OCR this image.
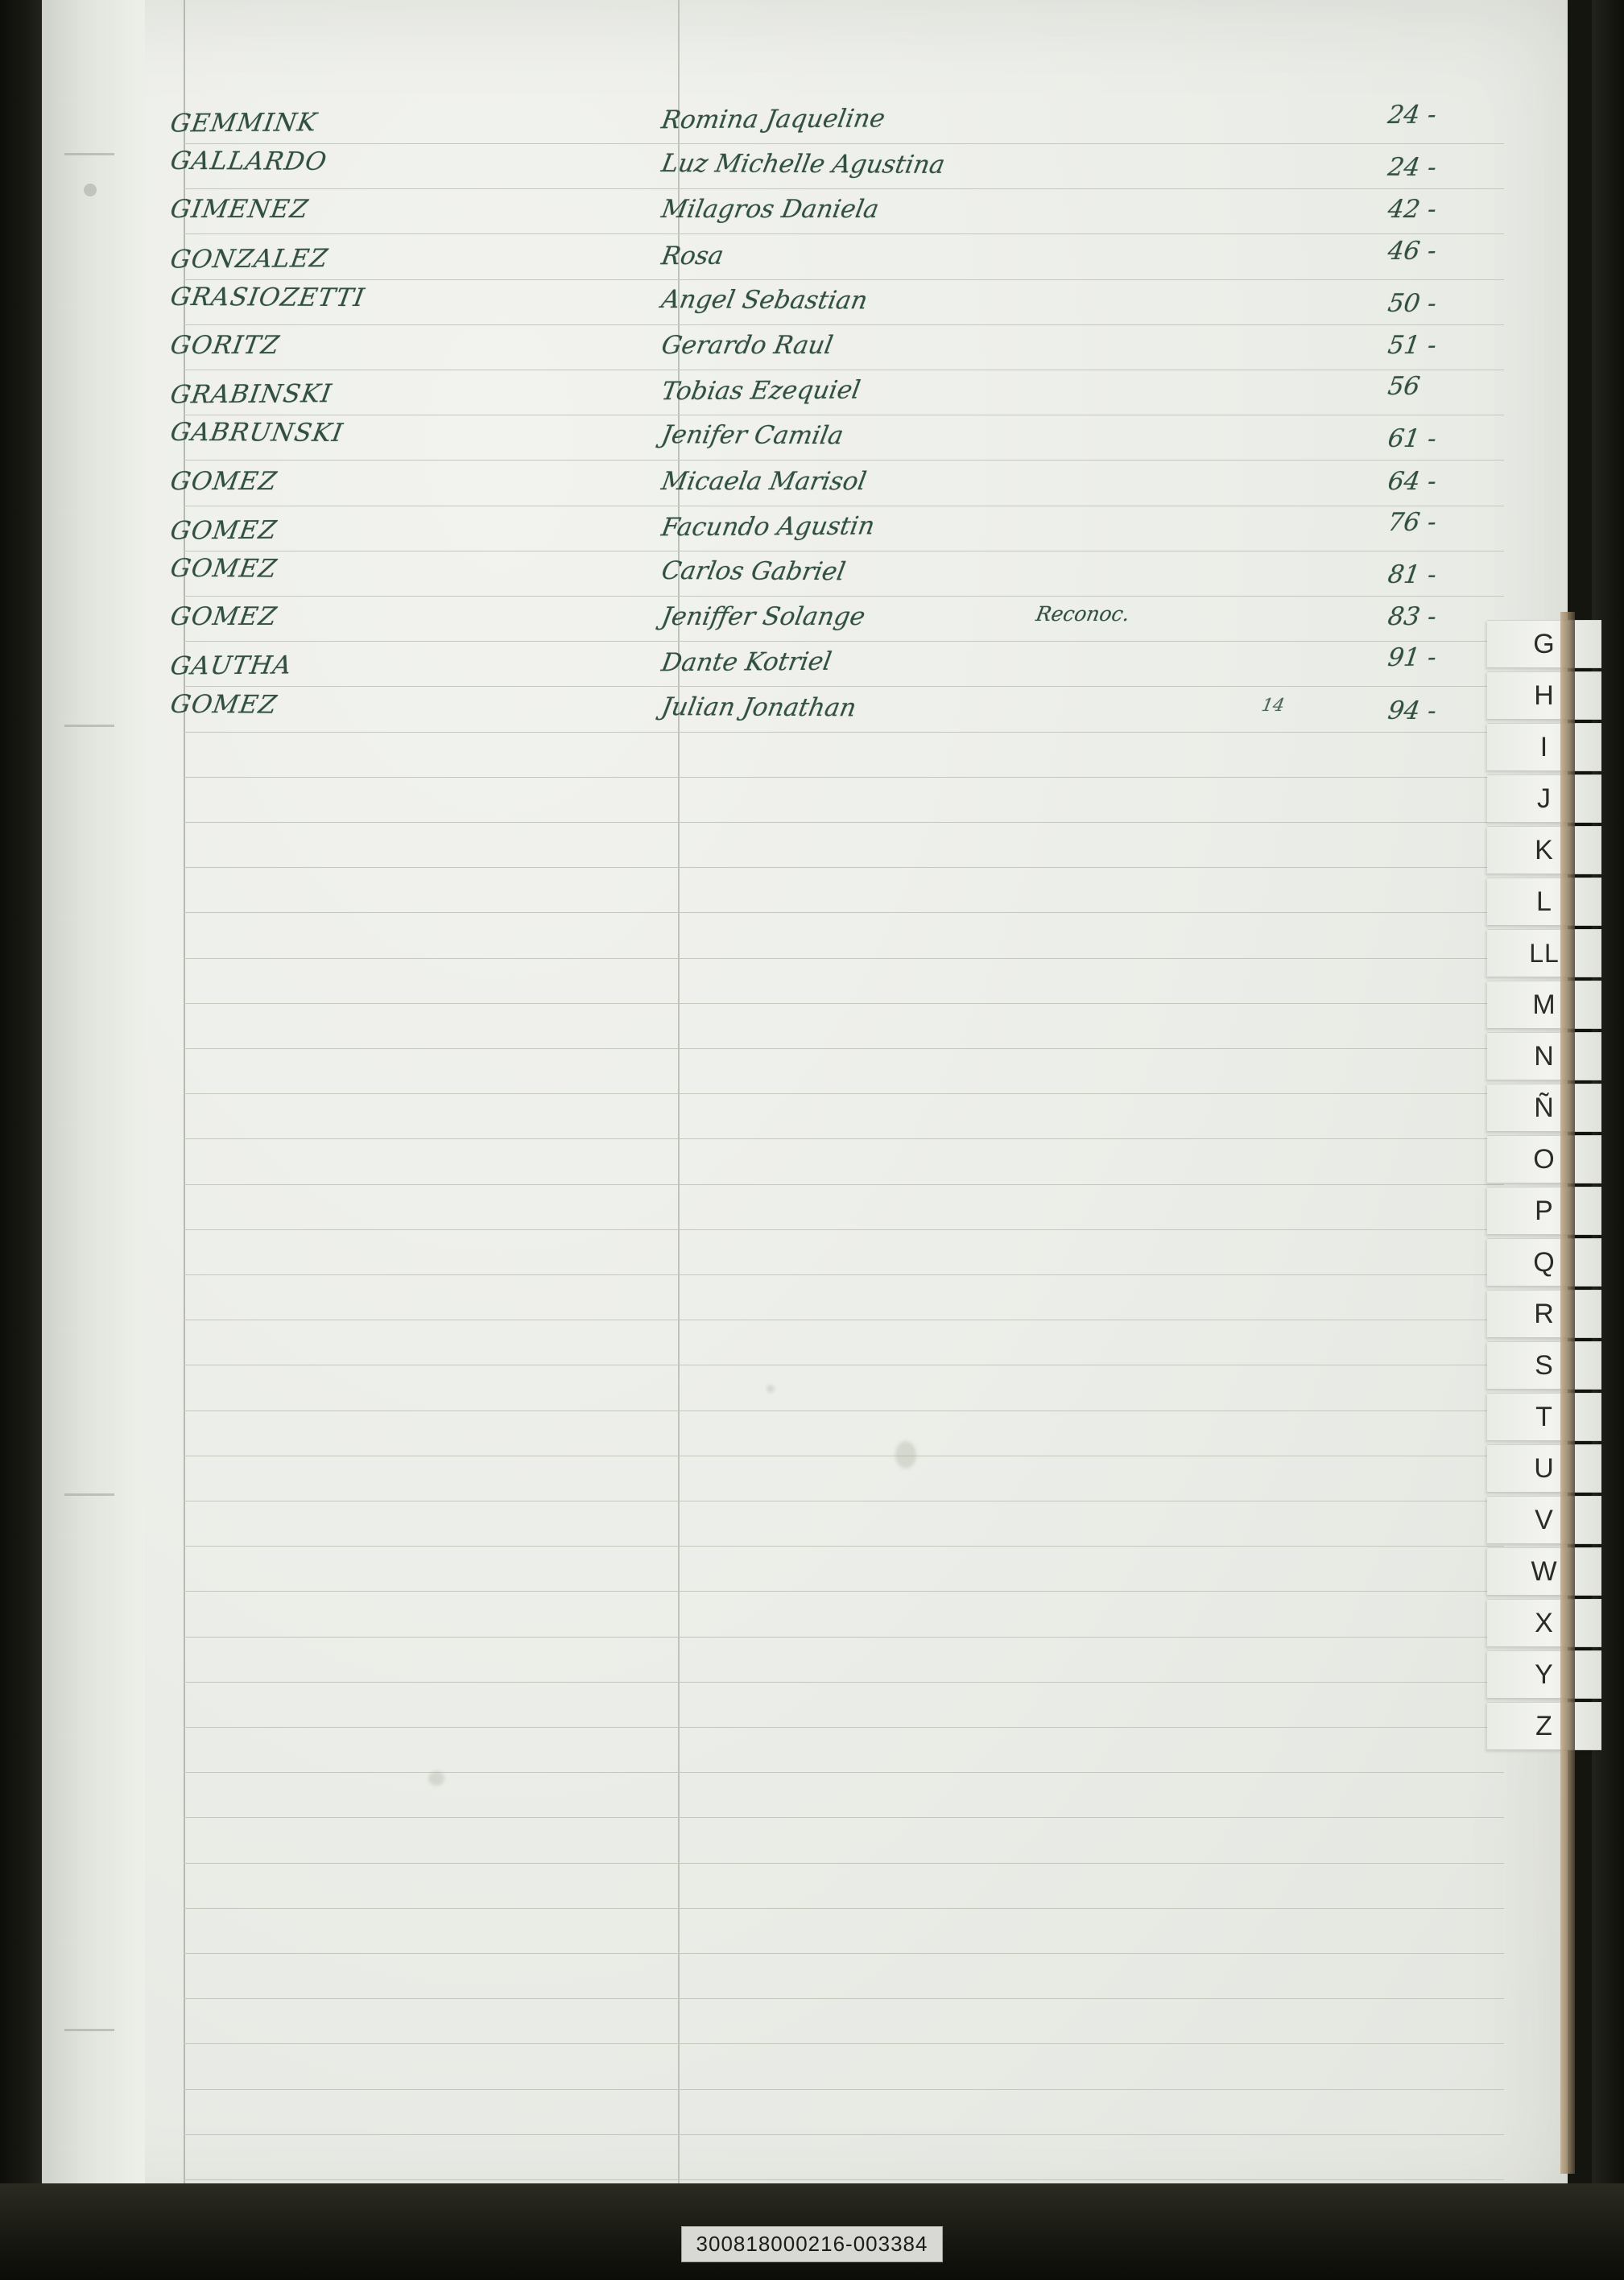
GEMMINK	Romina Jaqueline	24 -
GALLARDO	Luz Michelle Agustina	24 -
GIMENEZ	Milagros Daniela	42 -
GONZALEZ	Rosa	46 -
GRASIOZETTI	Angel Sebastian	50 -
GORITZ	Gerardo Raul	51 -
GRABINSKI	Tobias Ezequiel	56
GABRUNSKI	Jenifer Camila	61 -
GOMEZ	Micaela Marisol	64 -
GOMEZ	Facundo Agustin	76 -
GOMEZ	Carlos Gabriel	81 -
GOMEZ	Jeniffer Solange	Reconoc.	83 -
GAUTHA	Dante Kotriel	91 -
GOMEZ	Julian Jonathan	14	94 -
G
H
I
J
K
L
LL
M
N
Ñ
O
P
Q
R
S
T
U
V
W
X
Y
Z
300818000216-003384
